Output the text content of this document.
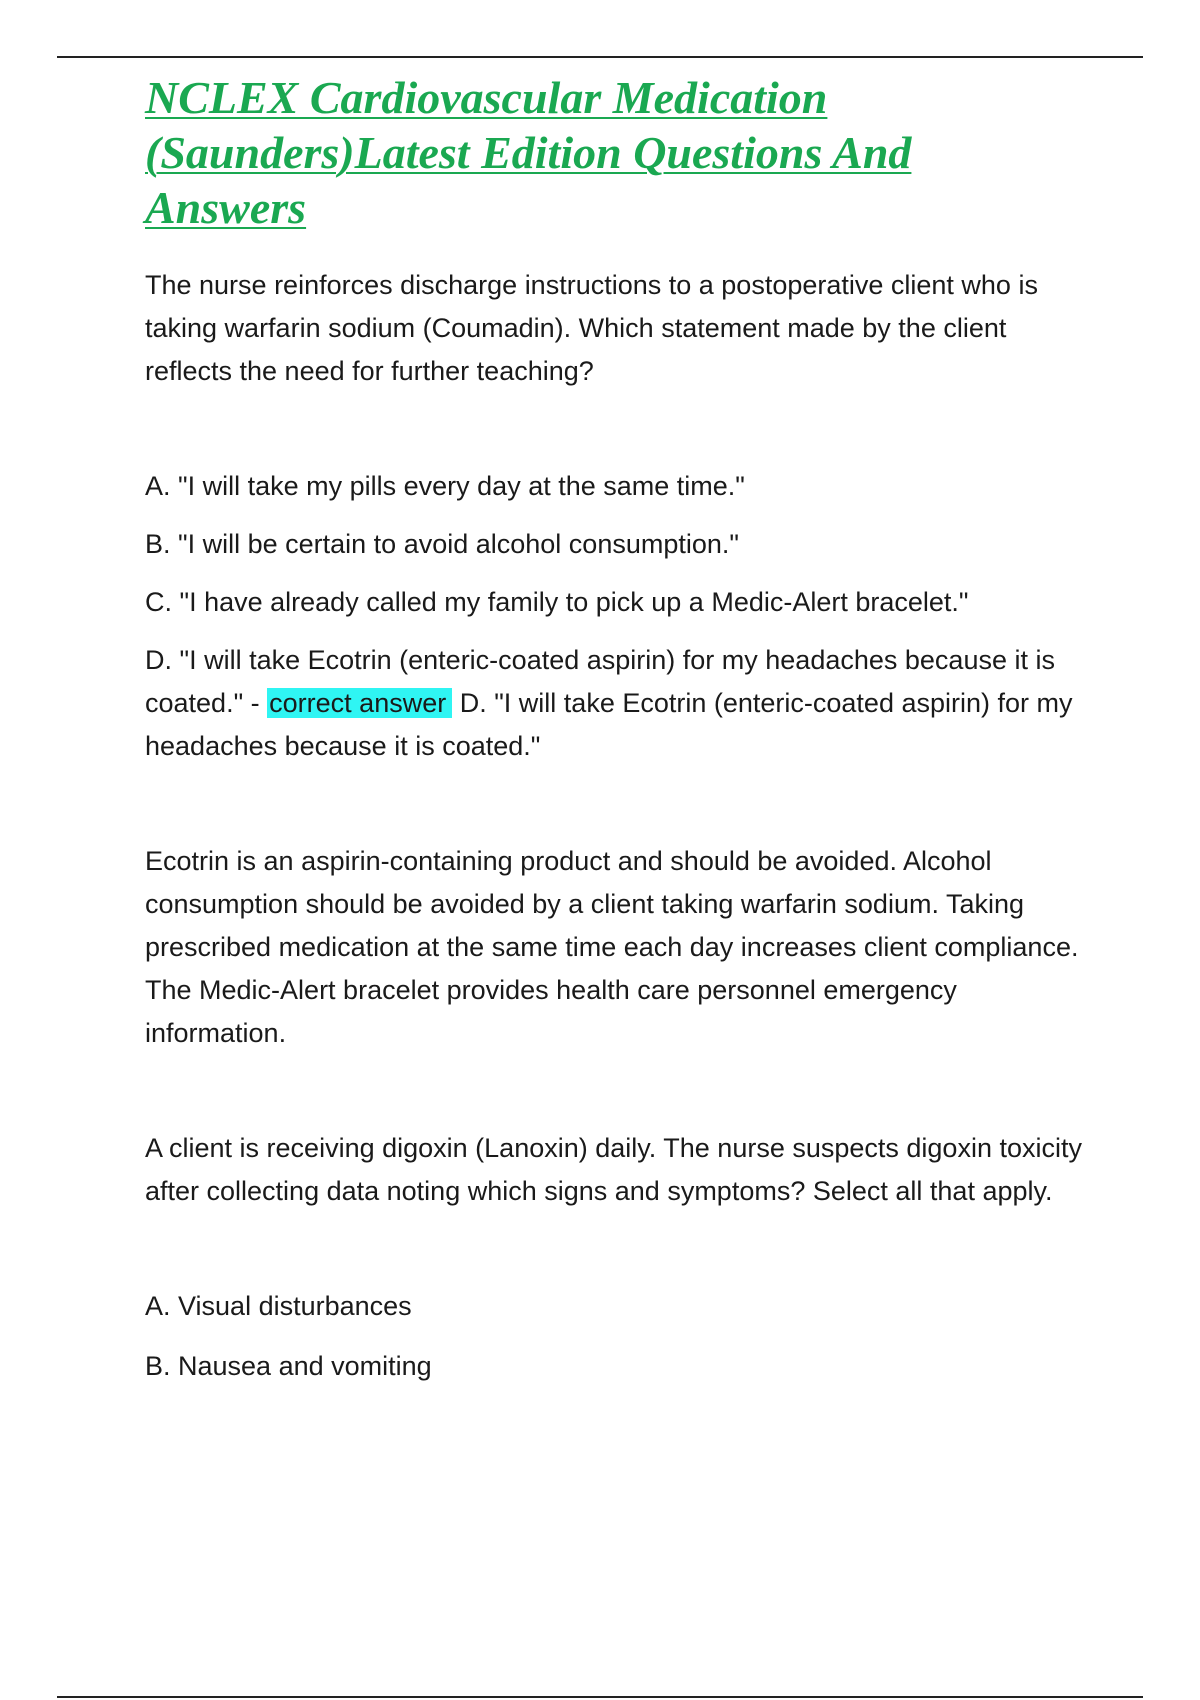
NCLEX Cardiovascular Medication
(Saunders)Latest Edition Questions And
Answers

The nurse reinforces discharge instructions to a postoperative client who is taking warfarin sodium (Coumadin). Which statement made by the client reflects the need for further teaching?

A. "I will take my pills every day at the same time."

B. "I will be certain to avoid alcohol consumption."

C. "I have already called my family to pick up a Medic-Alert bracelet."

D. "I will take Ecotrin (enteric-coated aspirin) for my headaches because it is coated." - correct answer D. "I will take Ecotrin (enteric-coated aspirin) for my headaches because it is coated."

Ecotrin is an aspirin-containing product and should be avoided. Alcohol consumption should be avoided by a client taking warfarin sodium. Taking prescribed medication at the same time each day increases client compliance. The Medic-Alert bracelet provides health care personnel emergency information.

A client is receiving digoxin (Lanoxin) daily. The nurse suspects digoxin toxicity after collecting data noting which signs and symptoms? Select all that apply.

A. Visual disturbances

B. Nausea and vomiting
